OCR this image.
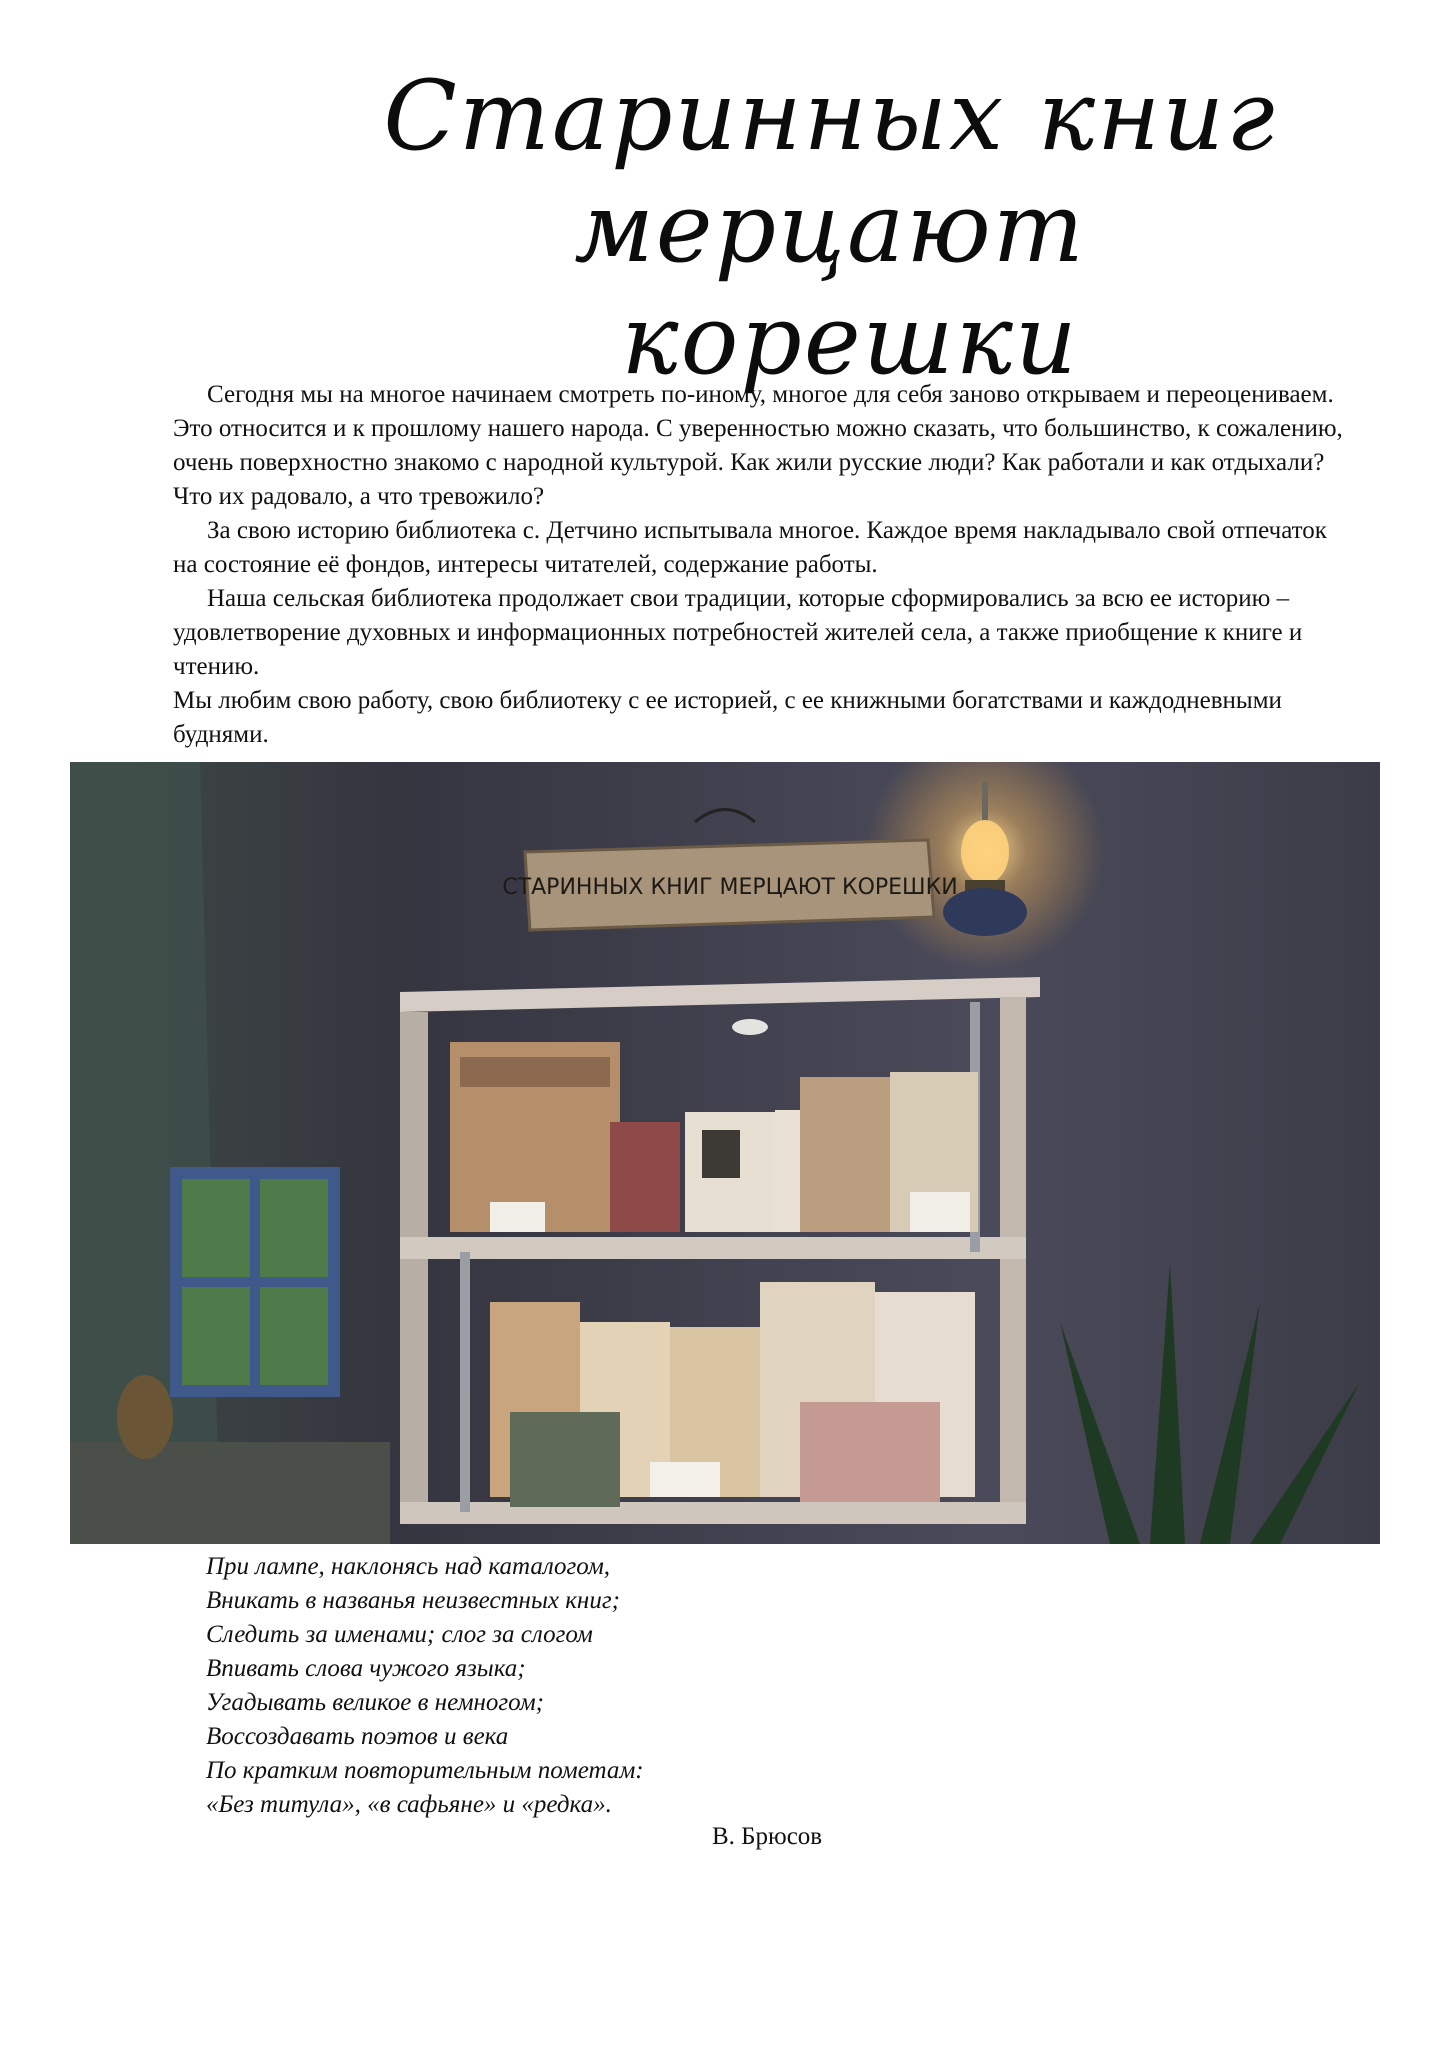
Старинных книг мерцают
корешки

Сегодня мы на многое начинаем смотреть по-иному, многое для себя заново открываем и переоцениваем. Это относится и к прошлому нашего народа. С уверенностью можно сказать, что большинство, к сожалению, очень поверхностно знакомо с народной культурой. Как жили русские люди? Как работали и как отдыхали? Что их радовало, а что тревожило?

За свою историю библиотека с. Детчино испытывала многое. Каждое время накладывало свой отпечаток на состояние её фондов, интересы читателей, содержание работы.

Наша сельская библиотека продолжает свои традиции, которые сформировались за всю ее историю – удовлетворение духовных и информационных потребностей жителей села, а также приобщение к книге и чтению.

Мы любим свою работу, свою библиотеку с ее историей, с ее книжными богатствами и каждодневными буднями.

СТАРИННЫХ КНИГ МЕРЦАЮТ КОРЕШКИ
При лампе, наклонясь над каталогом,
Вникать в названья неизвестных книг;
Следить за именами; слог за слогом
Впивать слова чужого языка;
Угадывать великое в немногом;
Воссоздавать поэтов и века
По кратким повторительным пометам:
«Без титула», «в сафьяне» и «редка».
В. Брюсов
